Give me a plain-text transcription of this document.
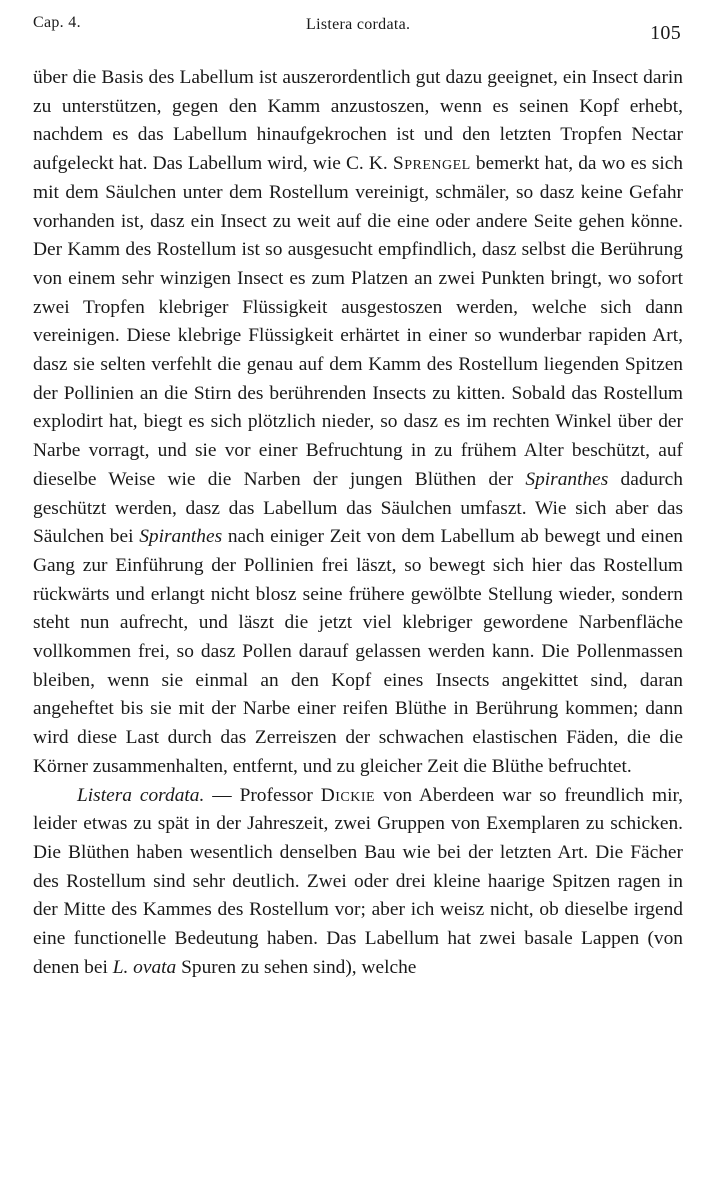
Cap. 4.	Listera cordata.	105

über die Basis des Labellum ist auszerordentlich gut dazu geeignet, ein Insect darin zu unterstützen, gegen den Kamm anzustoszen, wenn es seinen Kopf erhebt, nachdem es das Labellum hinaufgekrochen ist und den letzten Tropfen Nectar aufgeleckt hat. Das Labellum wird, wie C. K. Sprengel bemerkt hat, da wo es sich mit dem Säulchen unter dem Rostellum vereinigt, schmäler, so dasz keine Gefahr vorhanden ist, dasz ein Insect zu weit auf die eine oder andere Seite gehen könne. Der Kamm des Rostellum ist so ausgesucht empfindlich, dasz selbst die Berührung von einem sehr winzigen Insect es zum Platzen an zwei Punkten bringt, wo sofort zwei Tropfen klebriger Flüssigkeit ausgestoszen werden, welche sich dann vereinigen. Diese klebrige Flüssigkeit erhärtet in einer so wunderbar rapiden Art, dasz sie selten verfehlt die genau auf dem Kamm des Rostellum liegenden Spitzen der Pollinien an die Stirn des berührenden Insects zu kitten. Sobald das Rostellum explodirt hat, biegt es sich plötzlich nieder, so dasz es im rechten Winkel über der Narbe vorragt, und sie vor einer Befruchtung in zu frühem Alter beschützt, auf dieselbe Weise wie die Narben der jungen Blüthen der Spiranthes dadurch geschützt werden, dasz das Labellum das Säulchen umfaszt. Wie sich aber das Säulchen bei Spiranthes nach einiger Zeit von dem Labellum ab bewegt und einen Gang zur Einführung der Pollinien frei läszt, so bewegt sich hier das Rostellum rückwärts und erlangt nicht blosz seine frühere gewölbte Stellung wieder, sondern steht nun aufrecht, und läszt die jetzt viel klebriger gewordene Narbenfläche vollkommen frei, so dasz Pollen darauf gelassen werden kann. Die Pollenmassen bleiben, wenn sie einmal an den Kopf eines Insects angekittet sind, daran angeheftet bis sie mit der Narbe einer reifen Blüthe in Berührung kommen; dann wird diese Last durch das Zerreiszen der schwachen elastischen Fäden, die die Körner zusammenhalten, entfernt, und zu gleicher Zeit die Blüthe befruchtet.

Listera cordata. — Professor Dickie von Aberdeen war so freundlich mir, leider etwas zu spät in der Jahreszeit, zwei Gruppen von Exemplaren zu schicken. Die Blüthen haben wesentlich denselben Bau wie bei der letzten Art. Die Fächer des Rostellum sind sehr deutlich. Zwei oder drei kleine haarige Spitzen ragen in der Mitte des Kammes des Rostellum vor; aber ich weisz nicht, ob dieselbe irgend eine functionelle Bedeutung haben. Das Labellum hat zwei basale Lappen (von denen bei L. ovata Spuren zu sehen sind), welche
